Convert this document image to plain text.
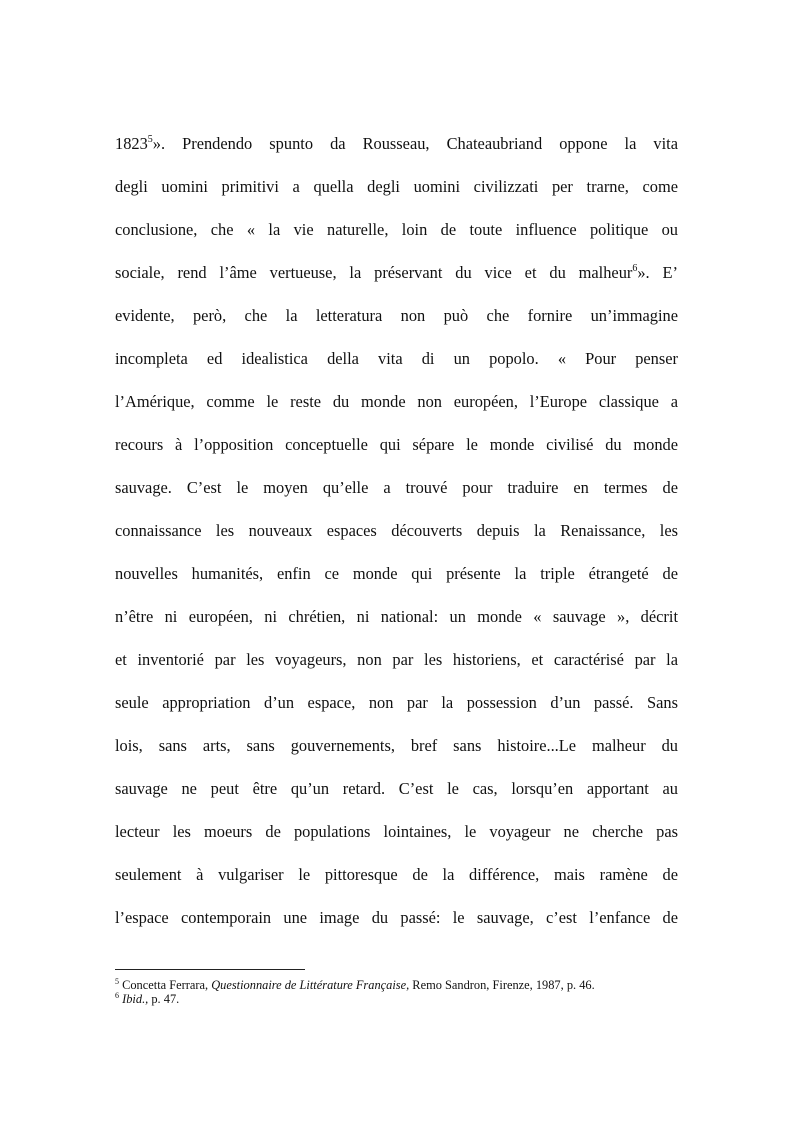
1823$^5$». Prendendo spunto da Rousseau, Chateaubriand oppone la vita
degli uomini primitivi a quella degli uomini civilizzati per trarne, come
conclusione, che « la vie naturelle, loin de toute influence politique ou
sociale, rend l’âme vertueuse, la préservant du vice et du malheur$^6$». E’
evidente, però, che la letteratura non può che fornire un’immagine
incompleta ed idealistica della vita di un popolo. « Pour penser
l’Amérique, comme le reste du monde non européen, l’Europe classique a
recours à l’opposition conceptuelle qui sépare le monde civilisé du monde
sauvage. C’est le moyen qu’elle a trouvé pour traduire en termes de
connaissance les nouveaux espaces découverts depuis la Renaissance, les
nouvelles humanités, enfin ce monde qui présente la triple étrangeté de
n’être ni européen, ni chrétien, ni national: un monde « sauvage », décrit
et inventorié par les voyageurs, non par les historiens, et caractérisé par la
seule appropriation d’un espace, non par la possession d’un passé. Sans
lois, sans arts, sans gouvernements, bref sans histoire...Le malheur du
sauvage ne peut être qu’un retard. C’est le cas, lorsqu’en apportant au
lecteur les moeurs de populations lointaines, le voyageur ne cherche pas
seulement à vulgariser le pittoresque de la différence, mais ramène de
l’espace contemporain une image du passé: le sauvage, c’est l’enfance de
$^5$ Concetta Ferrara, Questionnaire de Littérature Française, Remo Sandron, Firenze, 1987, p. 46.
$^6$ Ibid., p. 47.
